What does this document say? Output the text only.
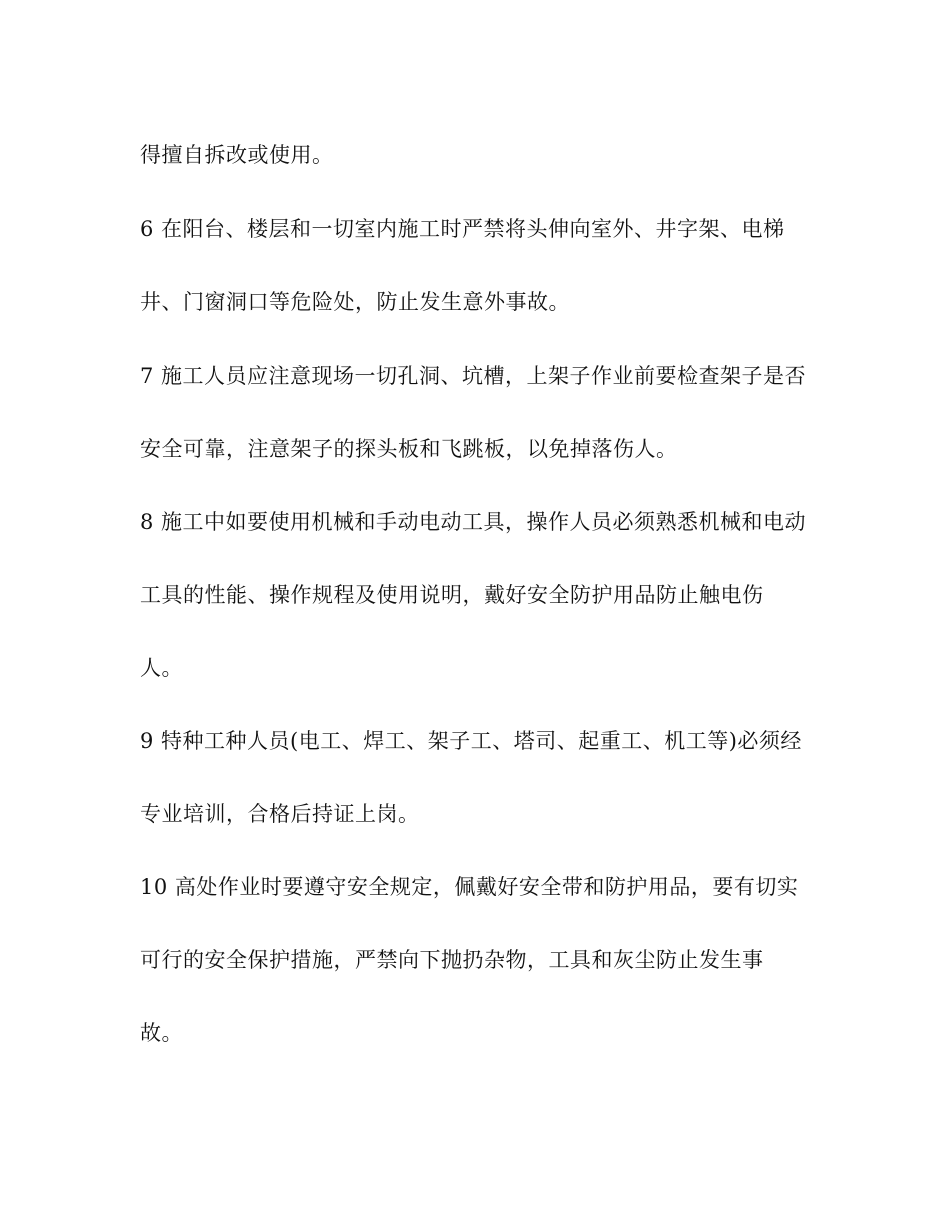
得擅自拆改或使用。

6 在阳台、楼层和一切室内施工时严禁将头伸向室外、井字架、电梯

井、门窗洞口等危险处，防止发生意外事故。

7 施工人员应注意现场一切孔洞、坑槽，上架子作业前要检查架子是否

安全可靠，注意架子的探头板和飞跳板，以免掉落伤人。

8 施工中如要使用机械和手动电动工具，操作人员必须熟悉机械和电动

工具的性能、操作规程及使用说明，戴好安全防护用品防止触电伤

人。

9 特种工种人员(电工、焊工、架子工、塔司、起重工、机工等)必须经

专业培训，合格后持证上岗。

10 高处作业时要遵守安全规定，佩戴好安全带和防护用品，要有切实

可行的安全保护措施，严禁向下抛扔杂物，工具和灰尘防止发生事

故。
